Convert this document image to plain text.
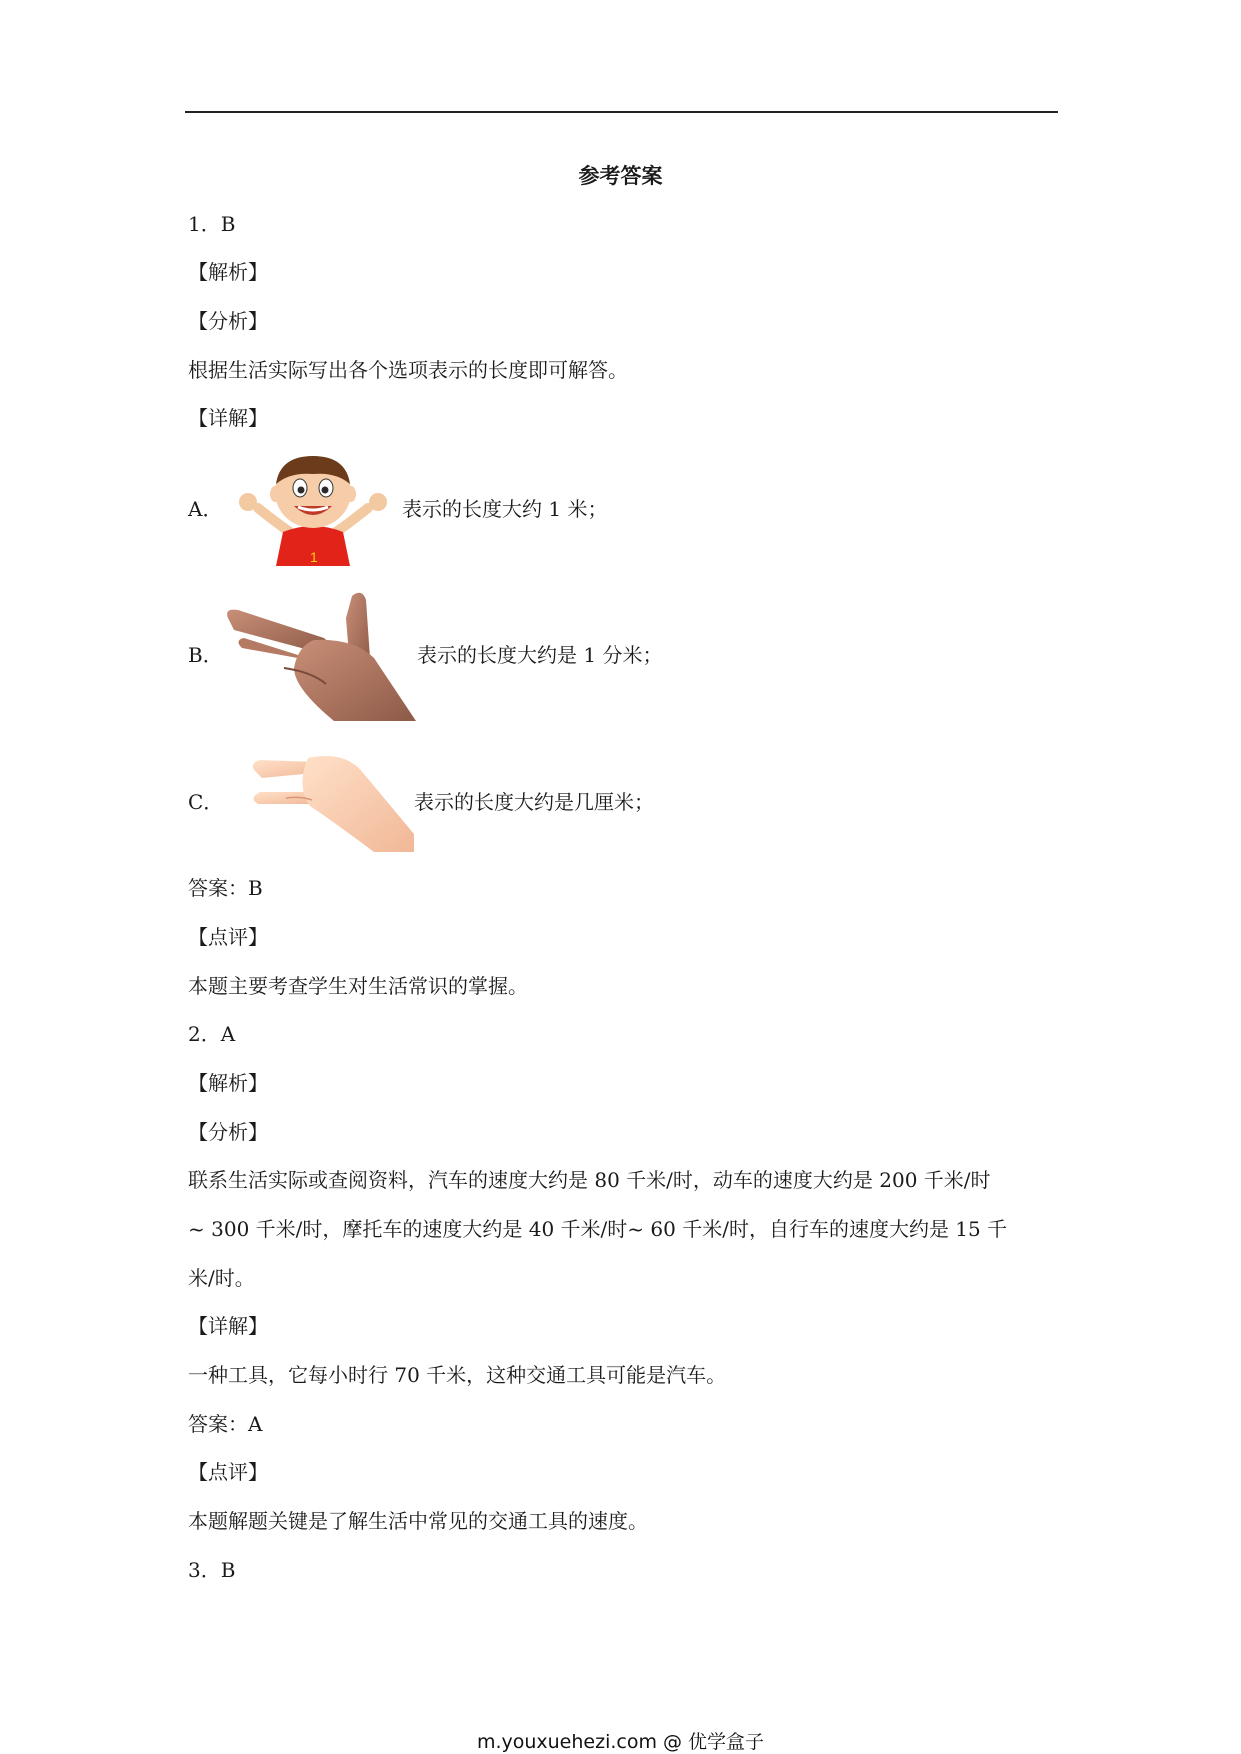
参考答案
1．B
【解析】
【分析】
根据生活实际写出各个选项表示的长度即可解答。
【详解】
A．
1
表示的长度大约 1 米；
B．	表示的长度大约是 1 分米；
C．	表示的长度大约是几厘米；
答案：B
【点评】
本题主要考查学生对生活常识的掌握。
2．A
【解析】
【分析】
联系生活实际或查阅资料，汽车的速度大约是 80 千米/时，动车的速度大约是 200 千米/时
~ 300 千米/时，摩托车的速度大约是 40 千米/时~ 60 千米/时，自行车的速度大约是 15 千
米/时。
【详解】
一种工具，它每小时行 70 千米，这种交通工具可能是汽车。
答案：A
【点评】
本题解题关键是了解生活中常见的交通工具的速度。
3．B
m.youxuehezi.com @ 优学盒子
